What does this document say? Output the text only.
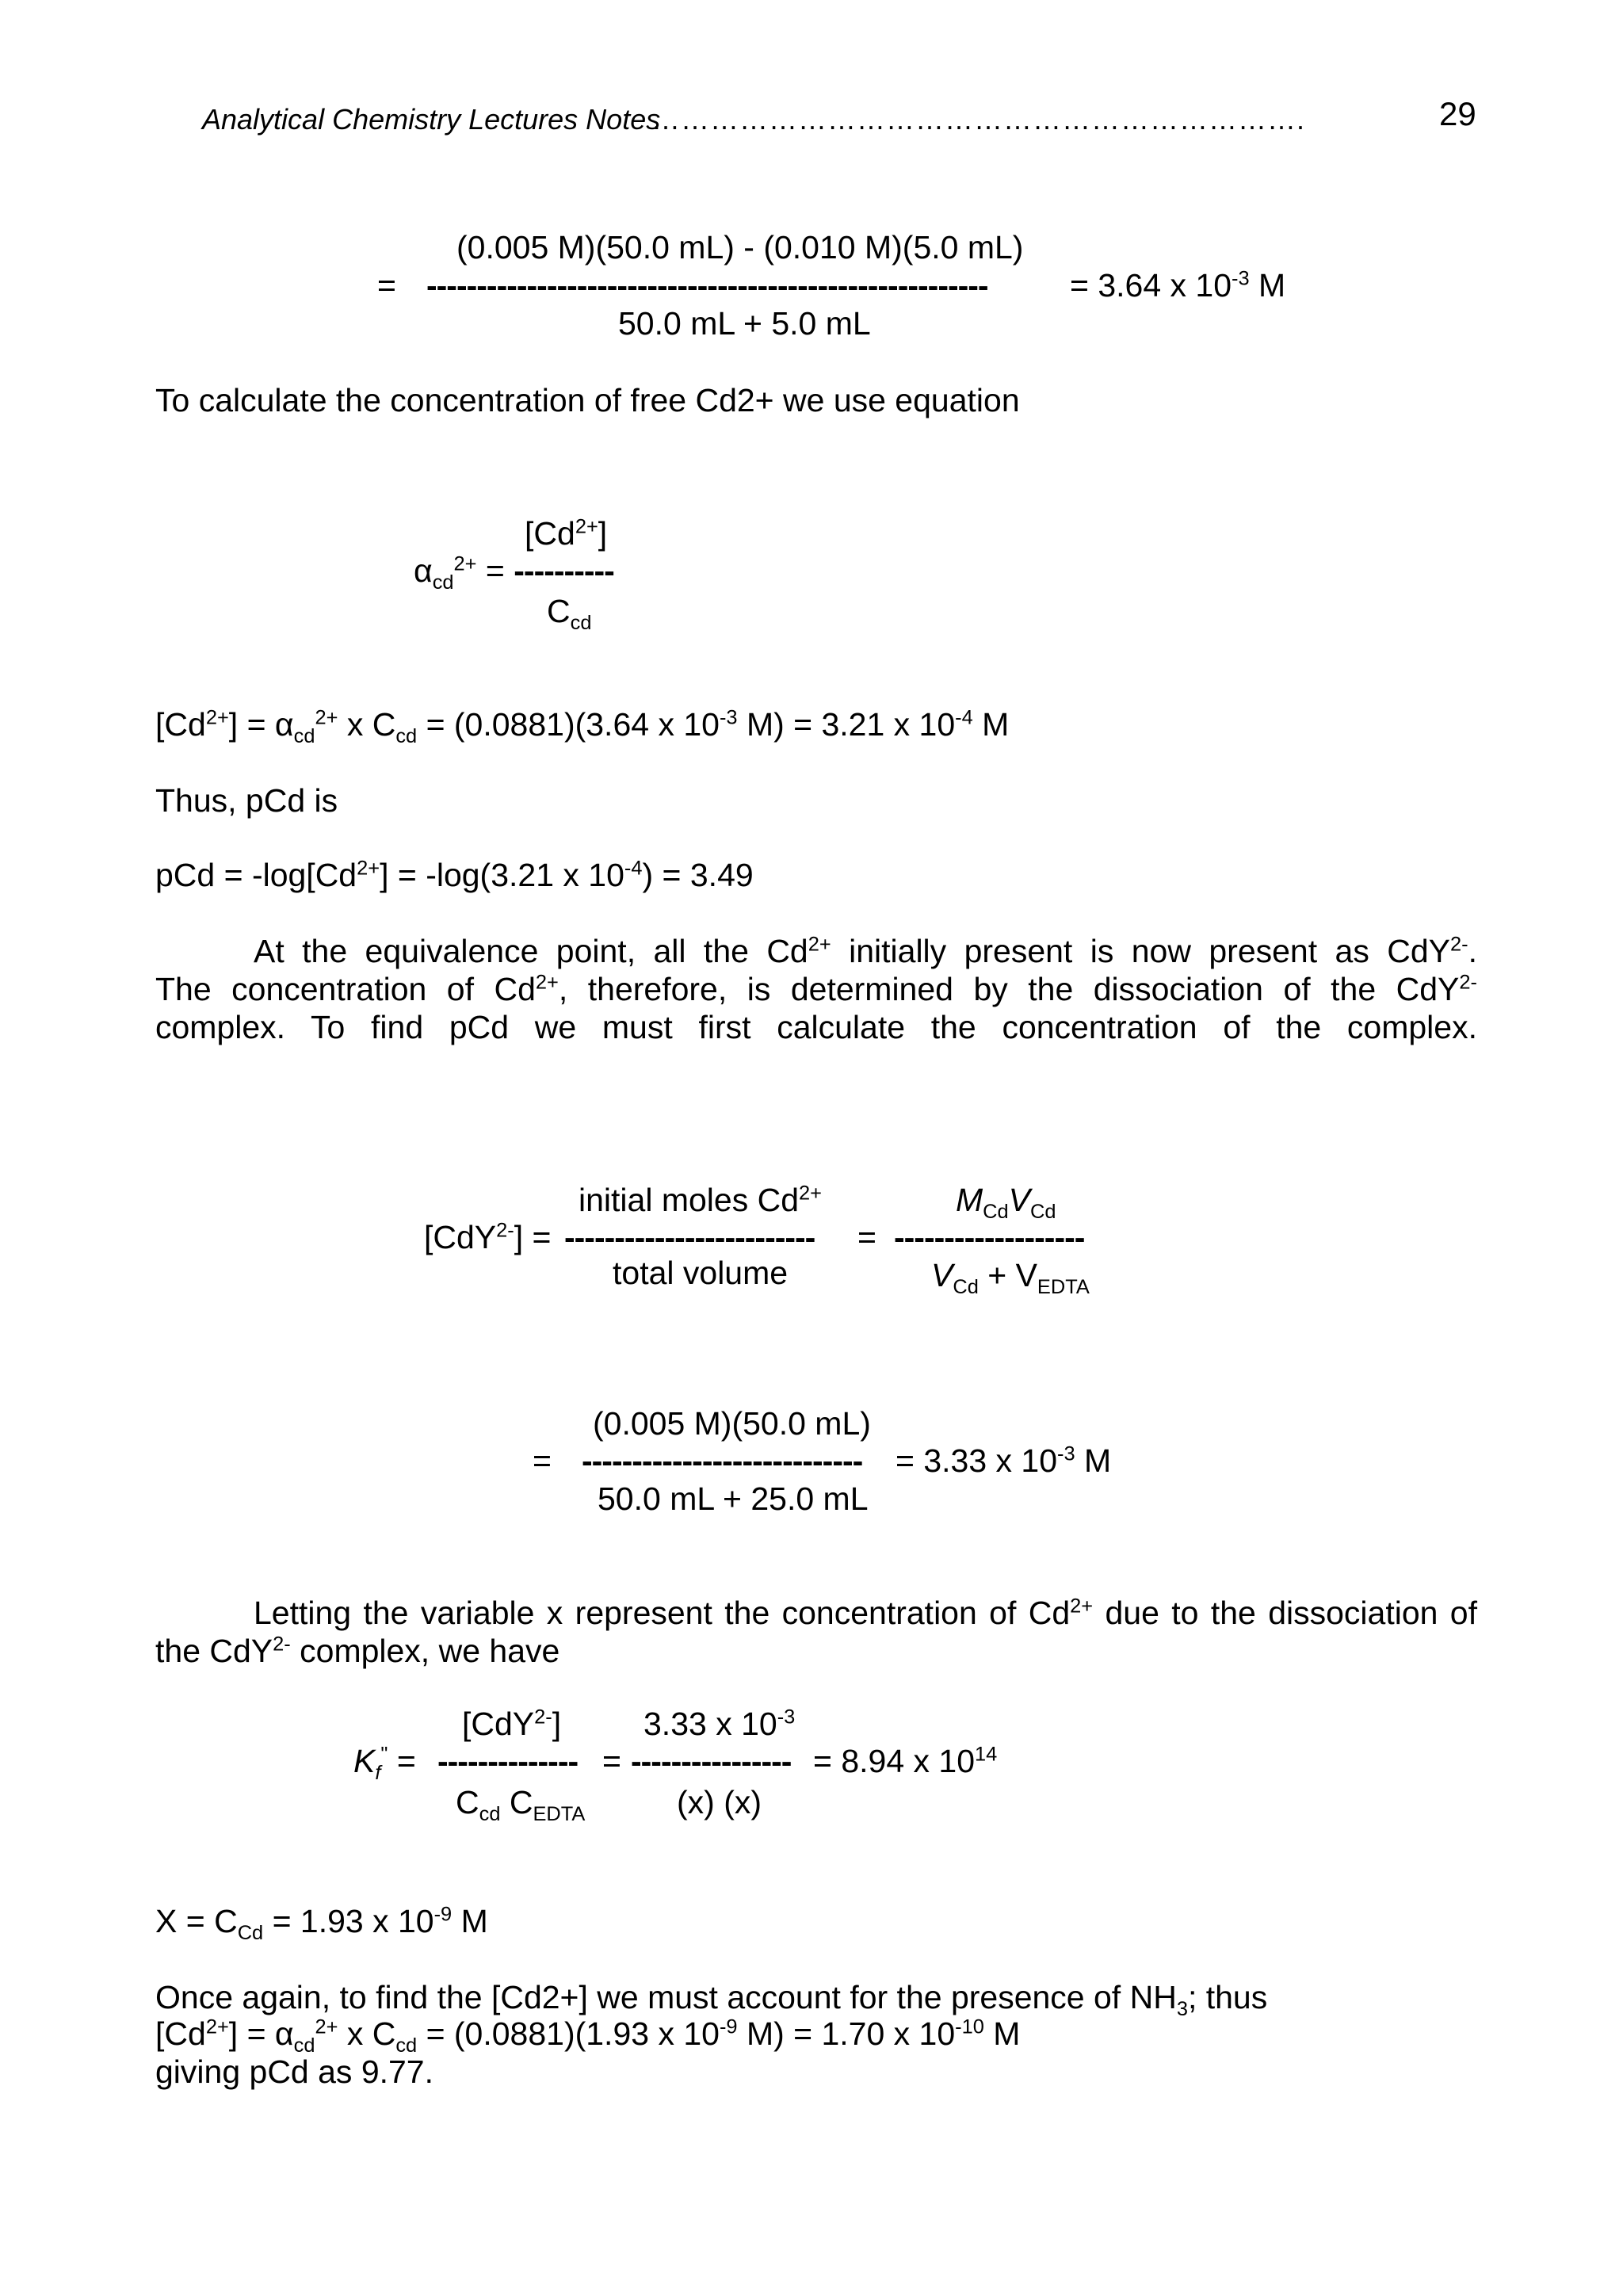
Analytical Chemistry Lectures Notes
………………………………………………………….	29
(0.005 M)(50.0 mL) - (0.010 M)(5.0 mL)
= --------------------------------------------------------	= 3.64 x $10^{-3}$ M
50.0 mL + 5.0 mL
To calculate the concentration of free Cd2+ we use equation
$[Cd^{2+}]$
$\alpha_{cd}^{2+}$ = ----------
$C_{cd}$
$[Cd^{2+}] = \alpha_{cd}^{2+}$ x $C_{cd} = (0.0881)(3.64$ x $10^{-3}$ M) = 3.21 x $10^{-4}$ M
Thus, pCd is
pCd = $-\log[Cd^{2+}] = -\log(3.21$ x $10^{-4}) = 3.49$
At the equivalence point, all the $Cd^{2+}$ initially present is now present as CdY$^{2-}$.
The concentration of $Cd^{2+}$, therefore, is determined by the dissociation of the CdY$^{2-}$
complex. To find pCd we must first calculate the concentration of the complex.
initial moles $Cd^{2+}$	$M_{Cd}V_{Cd}$
[CdY$^{2-}$] = ------------------------- = -------------------
total volume	$V_{Cd} + V_{EDTA}$
(0.005 M)(50.0 mL)
= ---------------------------- = 3.33 x $10^{-3}$ M
50.0 mL + 25.0 mL
Letting the variable x represent the concentration of $Cd^{2+}$ due to the dissociation of
the CdY$^{2-}$ complex, we have
[CdY$^{2-}$]	3.33 x $10^{-3}$
$K_f^"$ = -------------- = ---------------- = 8.94 x $10^{14}$
$C_{cd}$ $C_{EDTA}$	(x) (x)
$X = C_{Cd} = 1.93$ x $10^{-9}$ M
Once again, to find the [Cd2+] we must account for the presence of $NH_3$; thus
$[Cd^{2+}] = \alpha_{cd}^{2+}$ x $C_{cd} = (0.0881)(1.93$ x $10^{-9}$ M) = 1.70 x $10^{-10}$ M
giving pCd as 9.77.
